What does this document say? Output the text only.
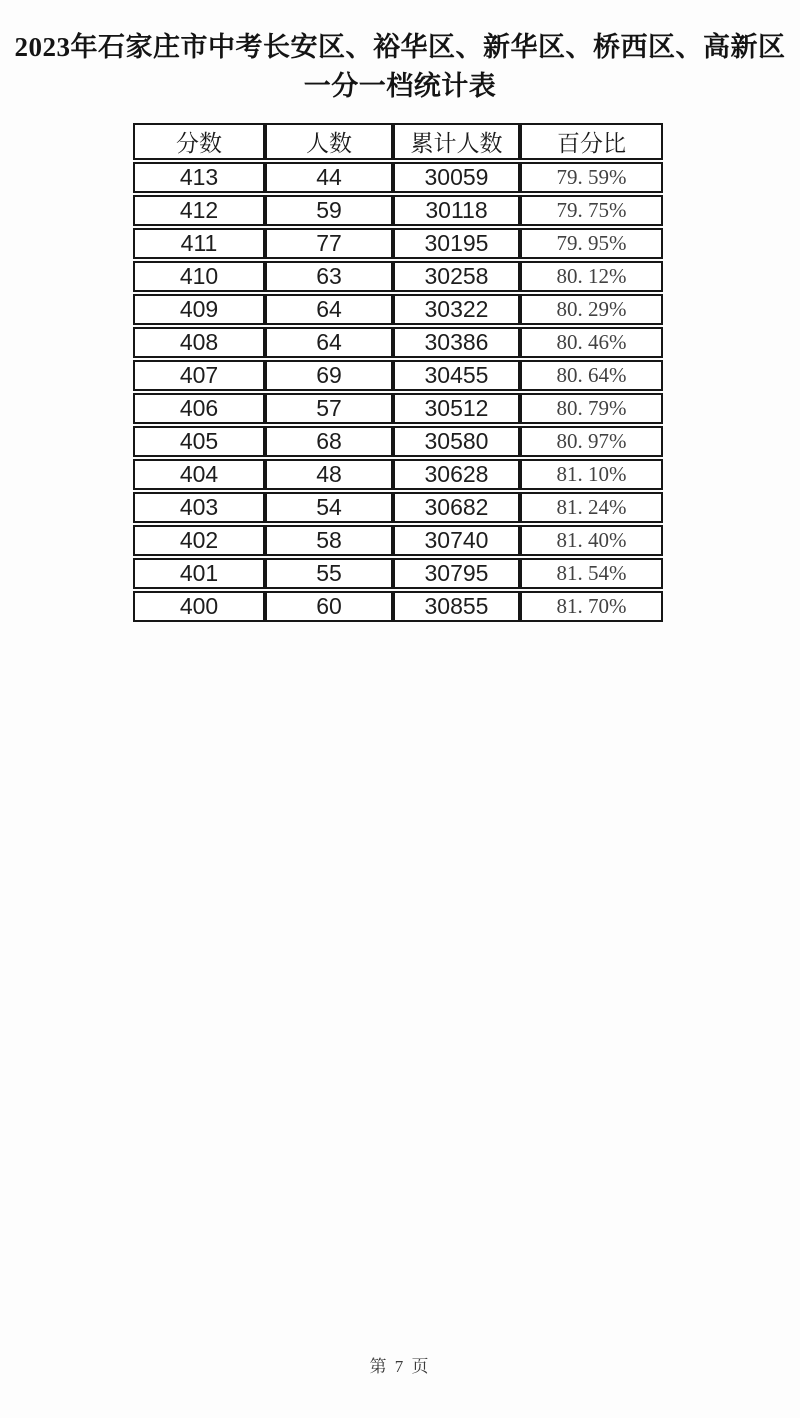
2023年石家庄市中考长安区、裕华区、新华区、桥西区、高新区
一分一档统计表
分数	人数	累计人数	百分比
413	44	30059	79. 59%
412	59	30118	79. 75%
411	77	30195	79. 95%
410	63	30258	80. 12%
409	64	30322	80. 29%
408	64	30386	80. 46%
407	69	30455	80. 64%
406	57	30512	80. 79%
405	68	30580	80. 97%
404	48	30628	81. 10%
403	54	30682	81. 24%
402	58	30740	81. 40%
401	55	30795	81. 54%
400	60	30855	81. 70%
第 7 页
